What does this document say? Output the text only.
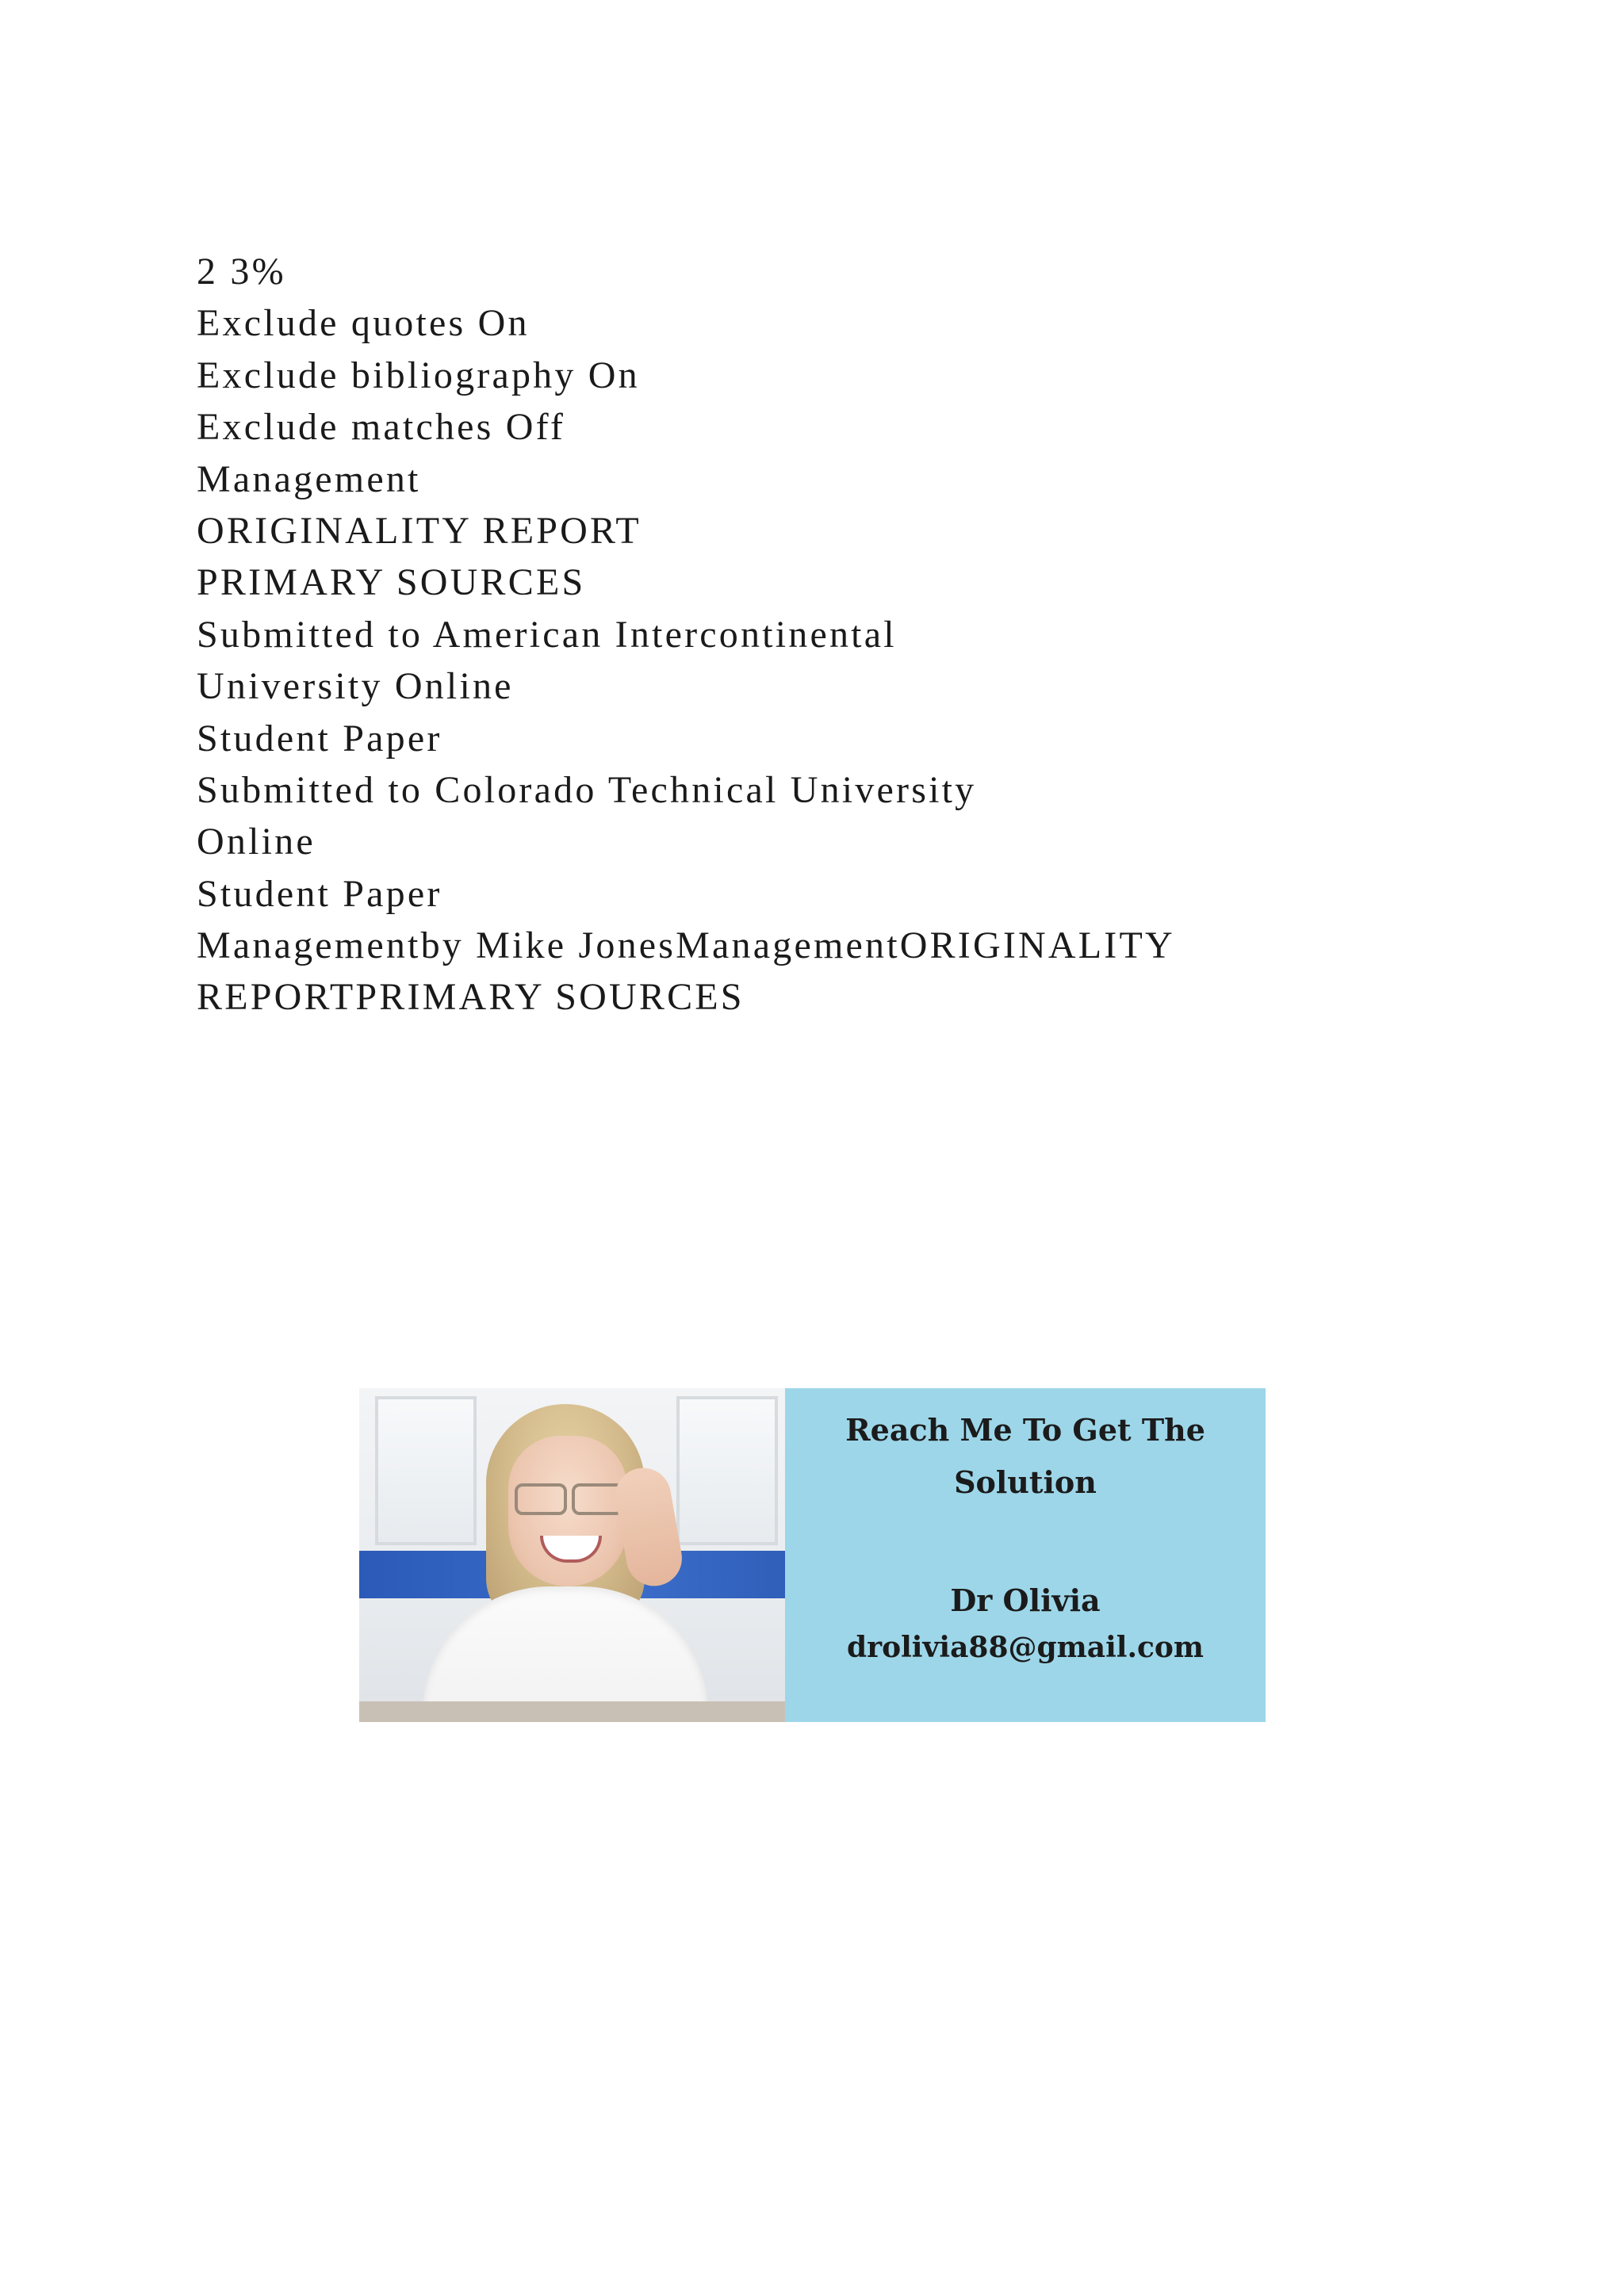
2 3%
Exclude quotes On
Exclude bibliography On
Exclude matches Off
Management
ORIGINALITY REPORT
PRIMARY SOURCES
Submitted to American Intercontinental
University Online
Student Paper
Submitted to Colorado Technical University
Online
Student Paper
Managementby Mike JonesManagementORIGINALITY
REPORTPRIMARY SOURCES
Reach Me To Get The
Solution
Dr Olivia
drolivia88@gmail.com
